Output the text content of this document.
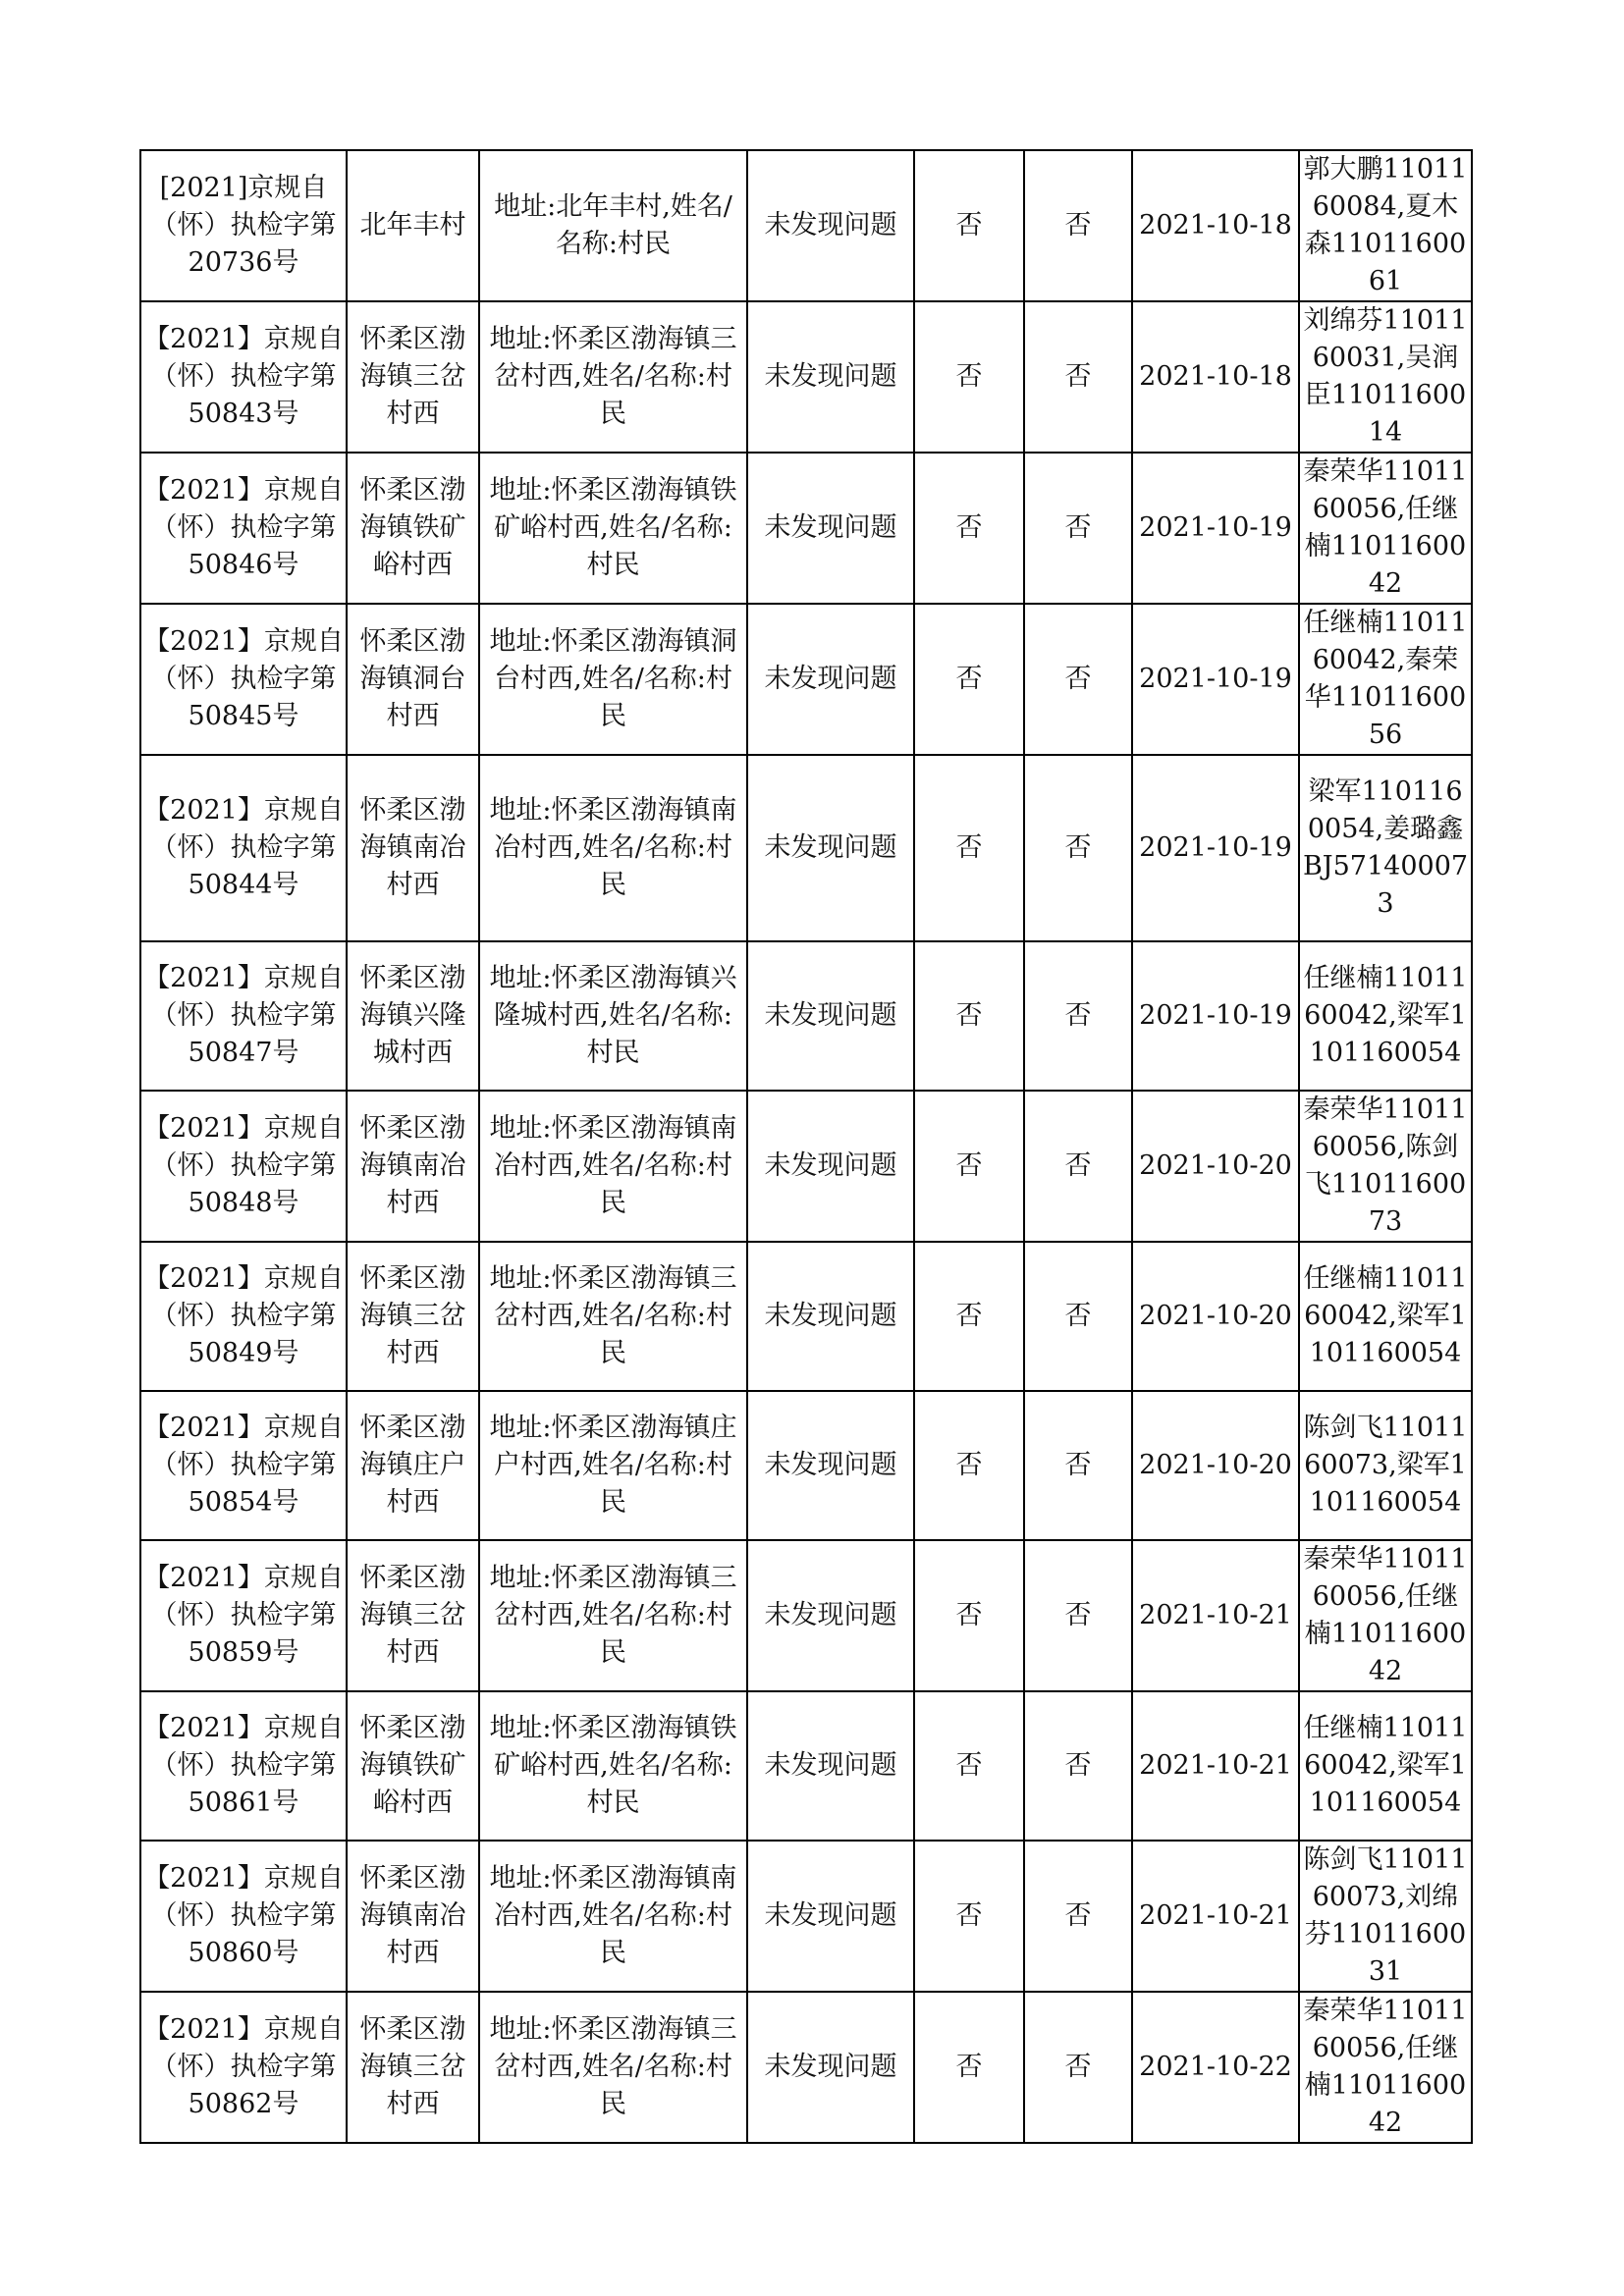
[2021]京规自（怀）执检字第20736号	北年丰村	地址:北年丰村,姓名/名称:村民	未发现问题	否	否	2021-10-18	郭大鹏1101160084,夏木森1101160061
【2021】京规自（怀）执检字第50843号	怀柔区渤海镇三岔村西	地址:怀柔区渤海镇三岔村西,姓名/名称:村民	未发现问题	否	否	2021-10-18	刘绵芬1101160031,吴润臣1101160014
【2021】京规自（怀）执检字第50846号	怀柔区渤海镇铁矿峪村西	地址:怀柔区渤海镇铁矿峪村西,姓名/名称:村民	未发现问题	否	否	2021-10-19	秦荣华1101160056,任继楠1101160042
【2021】京规自（怀）执检字第50845号	怀柔区渤海镇洞台村西	地址:怀柔区渤海镇洞台村西,姓名/名称:村民	未发现问题	否	否	2021-10-19	任继楠1101160042,秦荣华1101160056
【2021】京规自（怀）执检字第50844号	怀柔区渤海镇南冶村西	地址:怀柔区渤海镇南冶村西,姓名/名称:村民	未发现问题	否	否	2021-10-19	梁军1101160054,姜璐鑫BJ571400073
【2021】京规自（怀）执检字第50847号	怀柔区渤海镇兴隆城村西	地址:怀柔区渤海镇兴隆城村西,姓名/名称:村民	未发现问题	否	否	2021-10-19	任继楠1101160042,梁军1101160054
【2021】京规自（怀）执检字第50848号	怀柔区渤海镇南冶村西	地址:怀柔区渤海镇南冶村西,姓名/名称:村民	未发现问题	否	否	2021-10-20	秦荣华1101160056,陈剑飞1101160073
【2021】京规自（怀）执检字第50849号	怀柔区渤海镇三岔村西	地址:怀柔区渤海镇三岔村西,姓名/名称:村民	未发现问题	否	否	2021-10-20	任继楠1101160042,梁军1101160054
【2021】京规自（怀）执检字第50854号	怀柔区渤海镇庄户村西	地址:怀柔区渤海镇庄户村西,姓名/名称:村民	未发现问题	否	否	2021-10-20	陈剑飞1101160073,梁军1101160054
【2021】京规自（怀）执检字第50859号	怀柔区渤海镇三岔村西	地址:怀柔区渤海镇三岔村西,姓名/名称:村民	未发现问题	否	否	2021-10-21	秦荣华1101160056,任继楠1101160042
【2021】京规自（怀）执检字第50861号	怀柔区渤海镇铁矿峪村西	地址:怀柔区渤海镇铁矿峪村西,姓名/名称:村民	未发现问题	否	否	2021-10-21	任继楠1101160042,梁军1101160054
【2021】京规自（怀）执检字第50860号	怀柔区渤海镇南冶村西	地址:怀柔区渤海镇南冶村西,姓名/名称:村民	未发现问题	否	否	2021-10-21	陈剑飞1101160073,刘绵芬1101160031
【2021】京规自（怀）执检字第50862号	怀柔区渤海镇三岔村西	地址:怀柔区渤海镇三岔村西,姓名/名称:村民	未发现问题	否	否	2021-10-22	秦荣华1101160056,任继楠1101160042
